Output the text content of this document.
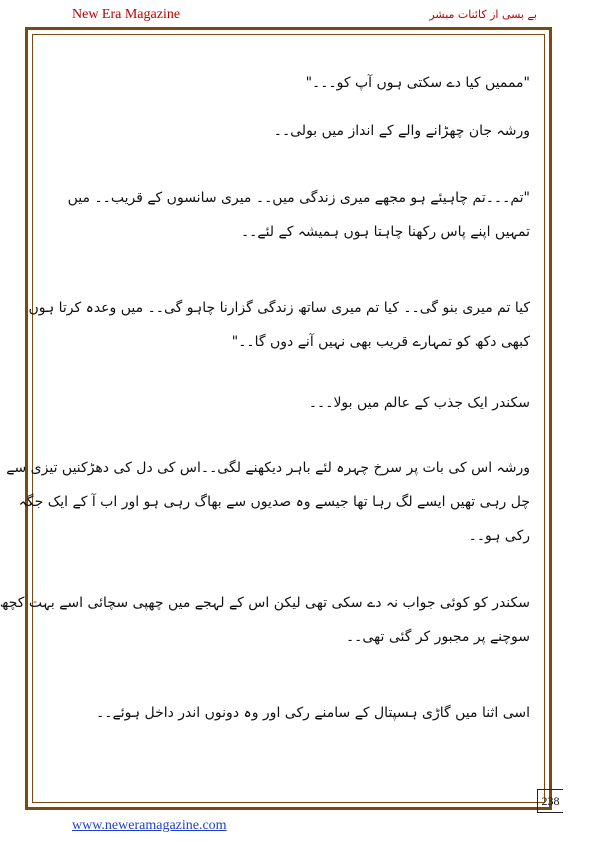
New Era Magazine	بے بسی از کائنات مبشر
"مممیں کیا دے سکتی ہوں آپ کو۔۔۔"
ورشہ جان چھڑانے والے کے انداز میں بولی۔۔
"تم۔۔۔تم چاہیئے ہو مجھے میری زندگی میں۔۔ میری سانسوں کے قریب۔۔ میں
تمہیں اپنے پاس رکھنا چاہتا ہوں ہمیشہ کے لئے۔۔
کیا تم میری بنو گی۔۔ کیا تم میری ساتھ زندگی گزارنا چاہو گی۔۔ میں وعدہ کرتا ہوں
کبھی دکھ کو تمہارے قریب بھی نہیں آنے دوں گا۔۔"
سکندر ایک جذب کے عالم میں بولا۔۔۔
ورشہ اس کی بات پر سرخ چہرہ لئے باہر دیکھنے لگی۔۔اس کی دل کی دھڑکنیں تیزی سے
چل رہی تھیں ایسے لگ رہا تھا جیسے وہ صدیوں سے بھاگ رہی ہو اور اب آ کے ایک جگہ
رکی ہو۔۔
سکندر کو کوئی جواب نہ دے سکی تھی لیکن اس کے لہجے میں چھپی سچائی اسے بہت کچھ
سوچنے پر مجبور کر گئی تھی۔۔
اسی اثنا میں گاڑی ہسپتال کے سامنے رکی اور وہ دونوں اندر داخل ہوئے۔۔
238
www.neweramagazine.com
